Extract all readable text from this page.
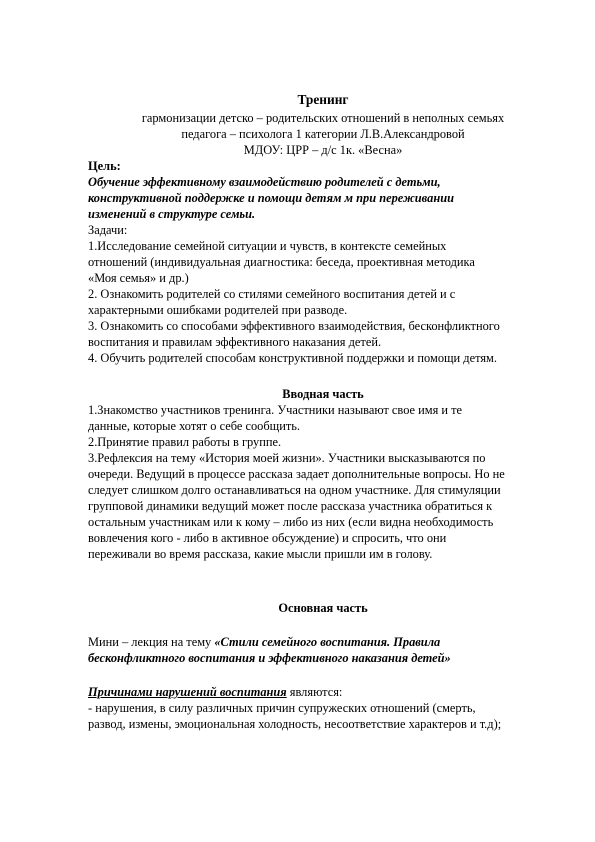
Тренинг
гармонизации детско – родительских отношений в неполных семьях
педагога – психолога 1 категории Л.В.Александровой
МДОУ: ЦРР – д/с 1к. «Весна»
Цель:
Обучение эффективному взаимодействию родителей с детьми,
конструктивной поддержке и помощи детям м при переживании
изменений в структуре семьи.
Задачи:
1.Исследование семейной ситуации и чувств, в контексте семейных
отношений (индивидуальная диагностика: беседа, проективная методика
«Моя семья» и др.)
2. Ознакомить родителей со стилями семейного воспитания детей и с
характерными ошибками родителей при разводе.
3. Ознакомить со способами эффективного взаимодействия, бесконфликтного
воспитания и правилам эффективного наказания детей.
4. Обучить родителей способам конструктивной поддержки и помощи детям.
Вводная часть
1.Знакомство участников тренинга. Участники называют свое имя и те
данные, которые хотят о себе сообщить.
2.Принятие правил работы в группе.
3.Рефлексия на тему «История моей жизни». Участники высказываются по
очереди. Ведущий в процессе рассказа задает дополнительные вопросы. Но не
следует слишком долго останавливаться на одном участнике. Для стимуляции
групповой динамики ведущий может после рассказа участника обратиться к
остальным участникам или к кому – либо из них (если видна необходимость
вовлечения кого - либо в активное обсуждение) и спросить, что они
переживали во время рассказа, какие мысли пришли им в голову.
Основная часть
Мини – лекция на тему «Стили семейного воспитания. Правила
бесконфликтного воспитания и эффективного наказания детей»
Причинами нарушений воспитания являются:
- нарушения, в силу различных причин супружеских отношений (смерть,
развод, измены, эмоциональная холодность, несоответствие характеров и т.д);
